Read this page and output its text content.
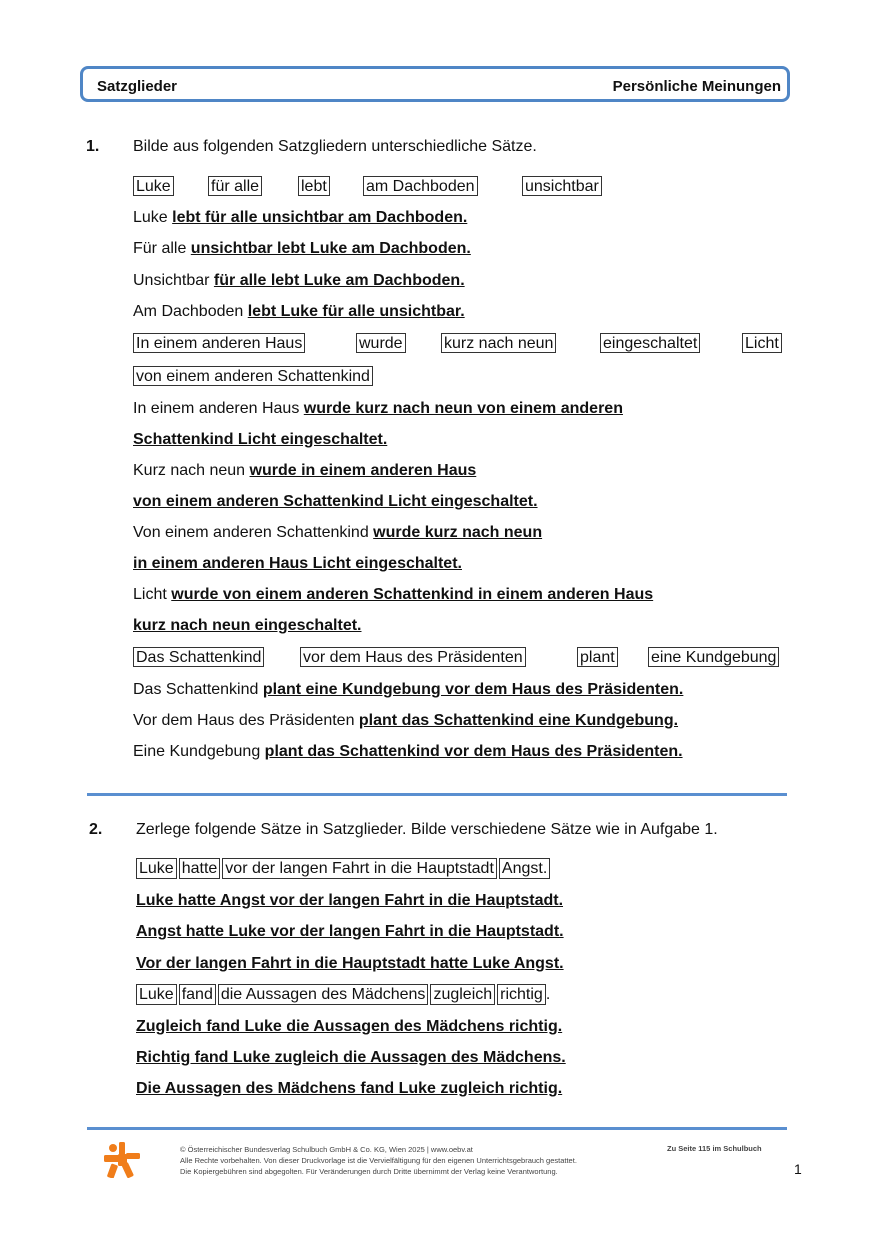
Satzglieder	Persönliche Meinungen
1. Bilde aus folgenden Satzgliedern unterschiedliche Sätze.
Luke	für alle	lebt am Dachboden	unsichtbar
Luke lebt für alle unsichtbar am Dachboden.
Für alle unsichtbar lebt Luke am Dachboden.
Unsichtbar für alle lebt Luke am Dachboden.
Am Dachboden lebt Luke für alle unsichtbar.
In einem anderen Haus	wurde	kurz nach neun	eingeschaltet	Licht
von einem anderen Schattenkind
In einem anderen Haus wurde kurz nach neun von einem anderen
Schattenkind Licht eingeschaltet.
Kurz nach neun wurde in einem anderen Haus
von einem anderen Schattenkind Licht eingeschaltet.
Von einem anderen Schattenkind wurde kurz nach neun
in einem anderen Haus Licht eingeschaltet.
Licht wurde von einem anderen Schattenkind in einem anderen Haus
kurz nach neun eingeschaltet.
Das Schattenkind	vor dem Haus des Präsidenten	plant eine Kundgebung
Das Schattenkind plant eine Kundgebung vor dem Haus des Präsidenten.
Vor dem Haus des Präsidenten plant das Schattenkind eine Kundgebung.
Eine Kundgebung plant das Schattenkind vor dem Haus des Präsidenten.
2. Zerlege folgende Sätze in Satzglieder. Bilde verschiedene Sätze wie in Aufgabe 1.
Luke hatte vor der langen Fahrt in die Hauptstadt Angst.
Luke hatte Angst vor der langen Fahrt in die Hauptstadt.
Angst hatte Luke vor der langen Fahrt in die Hauptstadt.
Vor der langen Fahrt in die Hauptstadt hatte Luke Angst.
Luke fand die Aussagen des Mädchens zugleich richtig .
Zugleich fand Luke die Aussagen des Mädchens richtig.
Richtig fand Luke zugleich die Aussagen des Mädchens.
Die Aussagen des Mädchens fand Luke zugleich richtig.
© Österreichischer Bundesverlag Schulbuch GmbH & Co. KG, Wien 2025 | www.oebv.at
Alle Rechte vorbehalten. Von dieser Druckvorlage ist die Vervielfältigung für den eigenen Unterrichtsgebrauch gestattet.
Die Kopiergebühren sind abgegolten. Für Veränderungen durch Dritte übernimmt der Verlag keine Verantwortung.
Zu Seite 115 im Schulbuch
1
